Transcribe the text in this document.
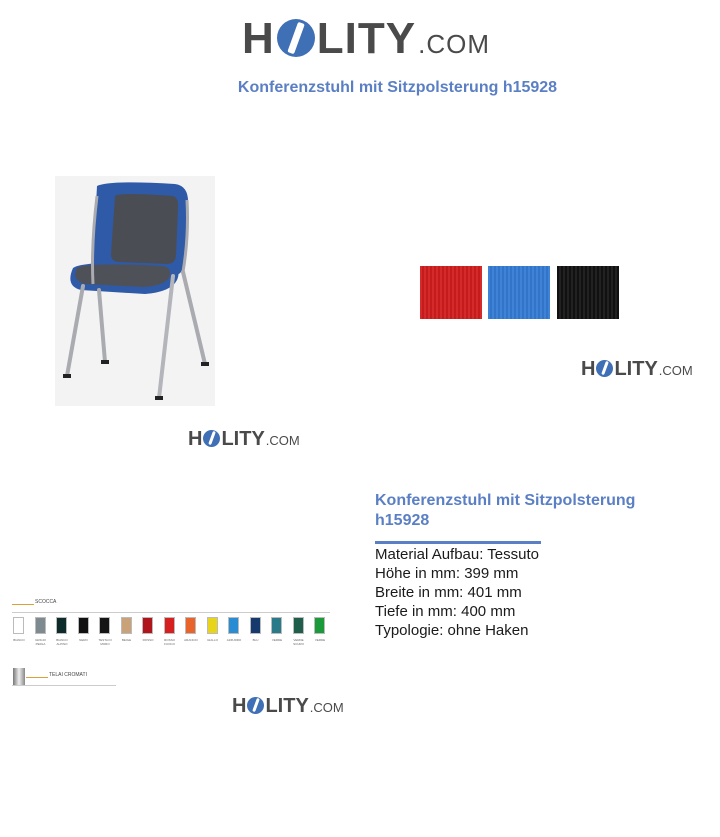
H LITY .COM
Konferenzstuhl mit Sitzpolsterung h15928
H LITY .COM
H LITY .COM
SCOCCA
BIANCO	GRIGIO PERLA
BIANCO ALPINO
NERO	TESTA DI MORO
BEIGE	ROSSO	ROSSO FUOCO
ARANCIO	GIALLO	AZZURRO	BLU	VERDE	VERDE SCURO
VERDE
TELAI CROMATI
H LITY .COM
Konferenzstuhl mit Sitzpolsterung h15928
Material Aufbau: Tessuto
Höhe in mm: 399 mm
Breite in mm: 401 mm
Tiefe in mm: 400 mm
Typologie: ohne Haken
